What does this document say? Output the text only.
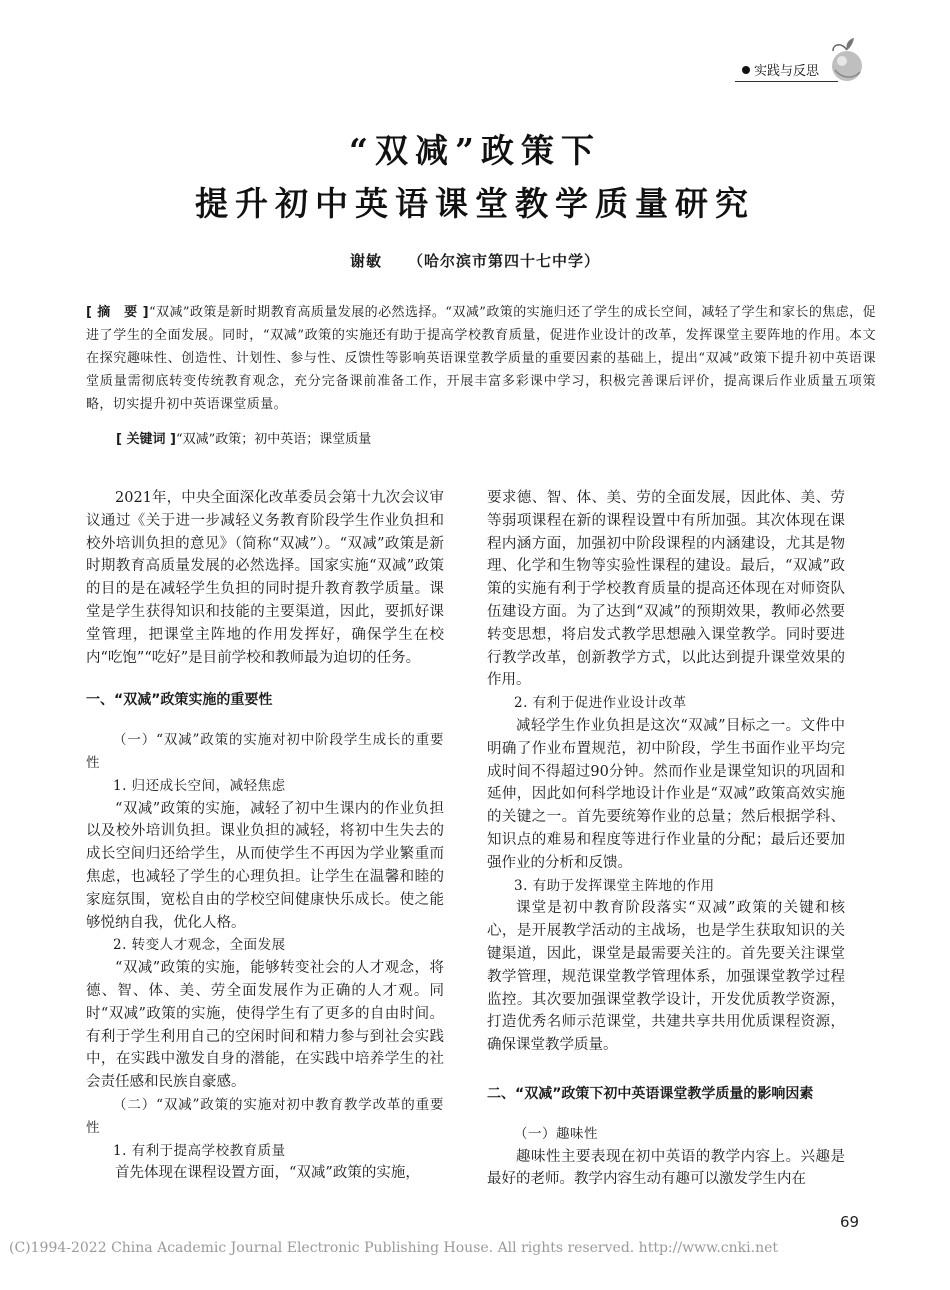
实践与反思
“双减”政策下
提升初中英语课堂教学质量研究
谢敏 （哈尔滨市第四十七中学）

[ 摘　要 ]“双减”政策是新时期教育高质量发展的必然选择。“双减”政策的实施归还了学生的成长空间，减轻了学生和家长的焦虑，促进了学生的全面发展。同时，“双减”政策的实施还有助于提高学校教育质量，促进作业设计的改革，发挥课堂主要阵地的作用。本文在探究趣味性、创造性、计划性、参与性、反馈性等影响英语课堂教学质量的重要因素的基础上，提出“双减”政策下提升初中英语课堂质量需彻底转变传统教育观念，充分完备课前准备工作，开展丰富多彩课中学习，积极完善课后评价，提高课后作业质量五项策略，切实提升初中英语课堂质量。

[ 关键词 ]“双减”政策；初中英语；课堂质量

2021年，中央全面深化改革委员会第十九次会议审议通过《关于进一步减轻义务教育阶段学生作业负担和校外培训负担的意见》（简称“双减”）。“双减”政策是新时期教育高质量发展的必然选择。国家实施“双减”政策的目的是在减轻学生负担的同时提升教育教学质量。课堂是学生获得知识和技能的主要渠道，因此，要抓好课堂管理，把课堂主阵地的作用发挥好，确保学生在校内“吃饱”“吃好”是目前学校和教师最为迫切的任务。

一、“双减”政策实施的重要性

（一）“双减”政策的实施对初中阶段学生成长的重要性

1. 归还成长空间，减轻焦虑

“双减”政策的实施，减轻了初中生课内的作业负担以及校外培训负担。课业负担的减轻，将初中生失去的成长空间归还给学生，从而使学生不再因为学业繁重而焦虑，也减轻了学生的心理负担。让学生在温馨和睦的家庭氛围，宽松自由的学校空间健康快乐成长。使之能够悦纳自我，优化人格。

2. 转变人才观念，全面发展

“双减”政策的实施，能够转变社会的人才观念，将德、智、体、美、劳全面发展作为正确的人才观。同时“双减”政策的实施，使得学生有了更多的自由时间。有利于学生利用自己的空闲时间和精力参与到社会实践中，在实践中激发自身的潜能，在实践中培养学生的社会责任感和民族自豪感。

（二）“双减”政策的实施对初中教育教学改革的重要性

1. 有利于提高学校教育质量

首先体现在课程设置方面，“双减”政策的实施，

要求德、智、体、美、劳的全面发展，因此体、美、劳等弱项课程在新的课程设置中有所加强。其次体现在课程内涵方面，加强初中阶段课程的内涵建设，尤其是物理、化学和生物等实验性课程的建设。最后，“双减”政策的实施有利于学校教育质量的提高还体现在对师资队伍建设方面。为了达到“双减”的预期效果，教师必然要转变思想，将启发式教学思想融入课堂教学。同时要进行教学改革，创新教学方式，以此达到提升课堂效果的作用。

2. 有利于促进作业设计改革

减轻学生作业负担是这次“双减”目标之一。文件中明确了作业布置规范，初中阶段，学生书面作业平均完成时间不得超过90分钟。然而作业是课堂知识的巩固和延伸，因此如何科学地设计作业是“双减”政策高效实施的关键之一。首先要统筹作业的总量；然后根据学科、知识点的难易和程度等进行作业量的分配；最后还要加强作业的分析和反馈。

3. 有助于发挥课堂主阵地的作用

课堂是初中教育阶段落实“双减”政策的关键和核心，是开展教学活动的主战场，也是学生获取知识的关键渠道，因此，课堂是最需要关注的。首先要关注课堂教学管理，规范课堂教学管理体系，加强课堂教学过程监控。其次要加强课堂教学设计，开发优质教学资源，打造优秀名师示范课堂，共建共享共用优质课程资源，确保课堂教学质量。

二、“双减”政策下初中英语课堂教学质量的影响因素

（一）趣味性

趣味性主要表现在初中英语的教学内容上。兴趣是最好的老师。教学内容生动有趣可以激发学生内在

69
(C)1994-2022 China Academic Journal Electronic Publishing House. All rights reserved. http://www.cnki.net
